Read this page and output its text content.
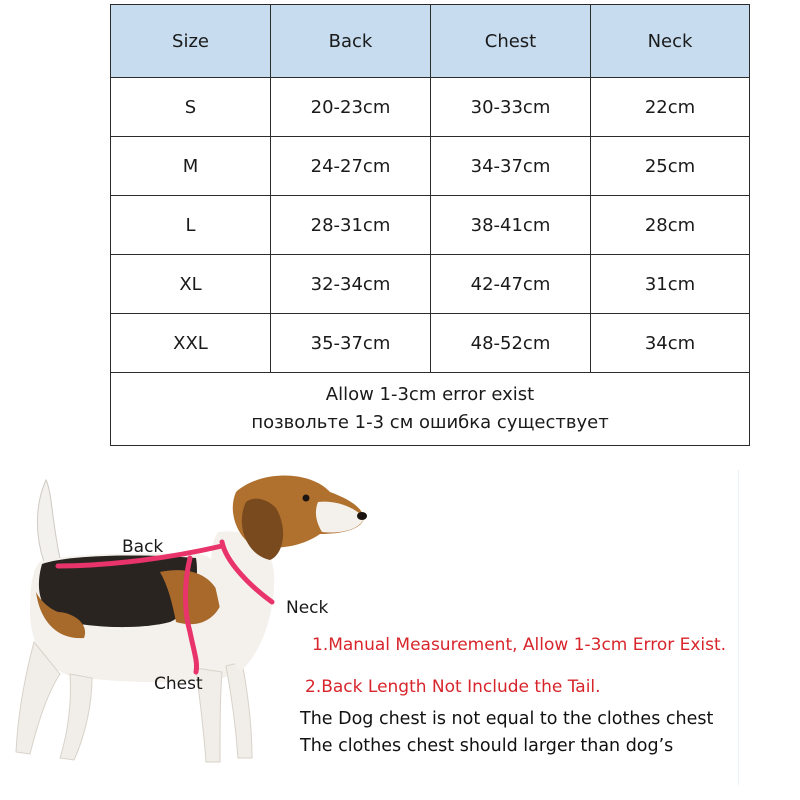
Size	Back	Chest	Neck
S	20-23cm	30-33cm	22cm
M	24-27cm	34-37cm	25cm
L	28-31cm	38-41cm	28cm
XL	32-34cm	42-47cm	31cm
XXL	35-37cm	48-52cm	34cm

Allow 1-3cm error exist
позвольте 1-3 см ошибка существует			
Back
Neck
Chest
1.Manual Measurement, Allow 1-3cm Error Exist.
2.Back Length Not Include the Tail.
The Dog chest is not equal to the clothes chest
The clothes chest should larger than dog’s
